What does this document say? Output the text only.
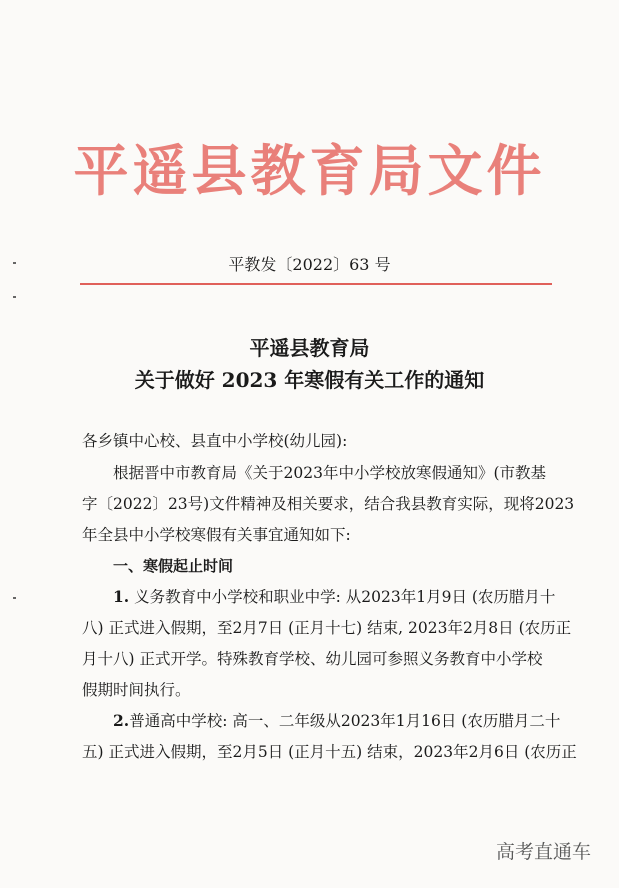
平遥县教育局文件
平教发〔2022〕63 号
平遥县教育局
关于做好 2023 年寒假有关工作的通知
各乡镇中心校、县直中小学校(幼儿园):
根据晋中市教育局《关于2023年中小学校放寒假通知》(市教基
字〔2022〕23号)文件精神及相关要求，结合我县教育实际，现将2023
年全县中小学校寒假有关事宜通知如下:
一、寒假起止时间
1. 义务教育中小学校和职业中学: 从2023年1月9日 (农历腊月十
八) 正式进入假期，至2月7日 (正月十七) 结束, 2023年2月8日 (农历正
月十八) 正式开学。特殊教育学校、幼儿园可参照义务教育中小学校
假期时间执行。
2.普通高中学校: 高一、二年级从2023年1月16日 (农历腊月二十
五) 正式进入假期，至2月5日 (正月十五) 结束，2023年2月6日 (农历正
高考直通车
